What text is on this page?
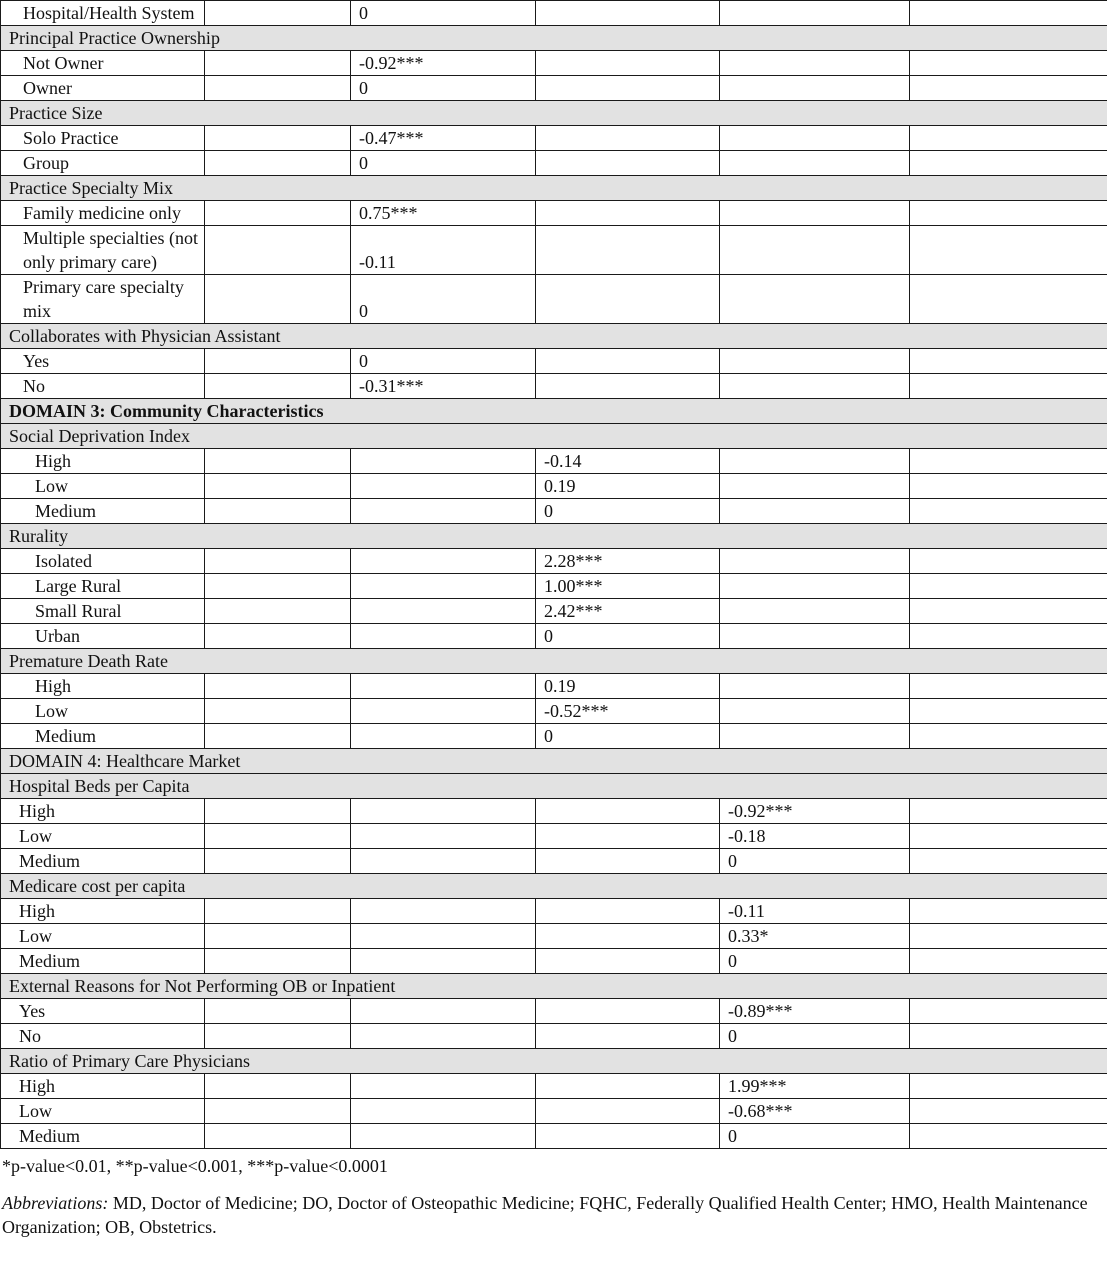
Hospital/Health System		0			
Principal Practice Ownership					
Not Owner		-0.92***			
Owner		0			
Practice Size					
Solo Practice		-0.47***			
Group		0			
Practice Specialty Mix					
Family medicine only		0.75***			
Multiple specialties (not only primary care)		-0.11			
Primary care specialty mix		0			
Collaborates with Physician Assistant					
Yes		0			
No		-0.31***			
DOMAIN 3: Community Characteristics					
Social Deprivation Index					
High			-0.14		
Low			0.19		
Medium			0		
Rurality					
Isolated			2.28***		
Large Rural			1.00***		
Small Rural			2.42***		
Urban			0		
Premature Death Rate					
High			0.19		
Low			-0.52***		
Medium			0		
DOMAIN 4: Healthcare Market					
Hospital Beds per Capita					
High				-0.92***	
Low				-0.18	
Medium				0	
Medicare cost per capita					
High				-0.11	
Low				0.33*	
Medium				0	
External Reasons for Not Performing OB or Inpatient					
Yes				-0.89***	
No				0	
Ratio of Primary Care Physicians					
High				1.99***	
Low				-0.68***	
Medium				0	

*p-value<0.01, **p-value<0.001, ***p-value<0.0001

Abbreviations: MD, Doctor of Medicine; DO, Doctor of Osteopathic Medicine; FQHC, Federally Qualified Health Center; HMO, Health Maintenance Organization; OB, Obstetrics.
